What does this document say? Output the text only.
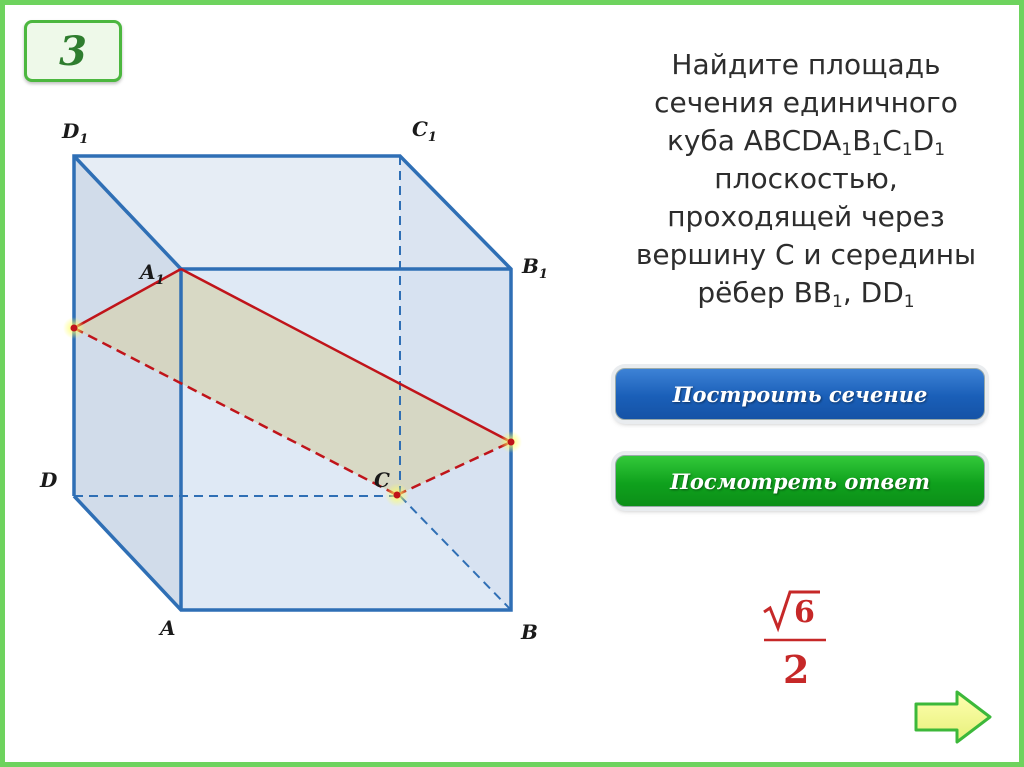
3
$D_1$	$C_1$
$A_1$
$B_1$
D	C
A	B
Найдите площадь
сечения единичного
куба $ABCDA_1B_1C_1D_1$
плоскостью,
проходящей через
вершину C и середины
рёбер $BB_1$, $DD_1$
Построить сечение
Посмотреть ответ
6
2
